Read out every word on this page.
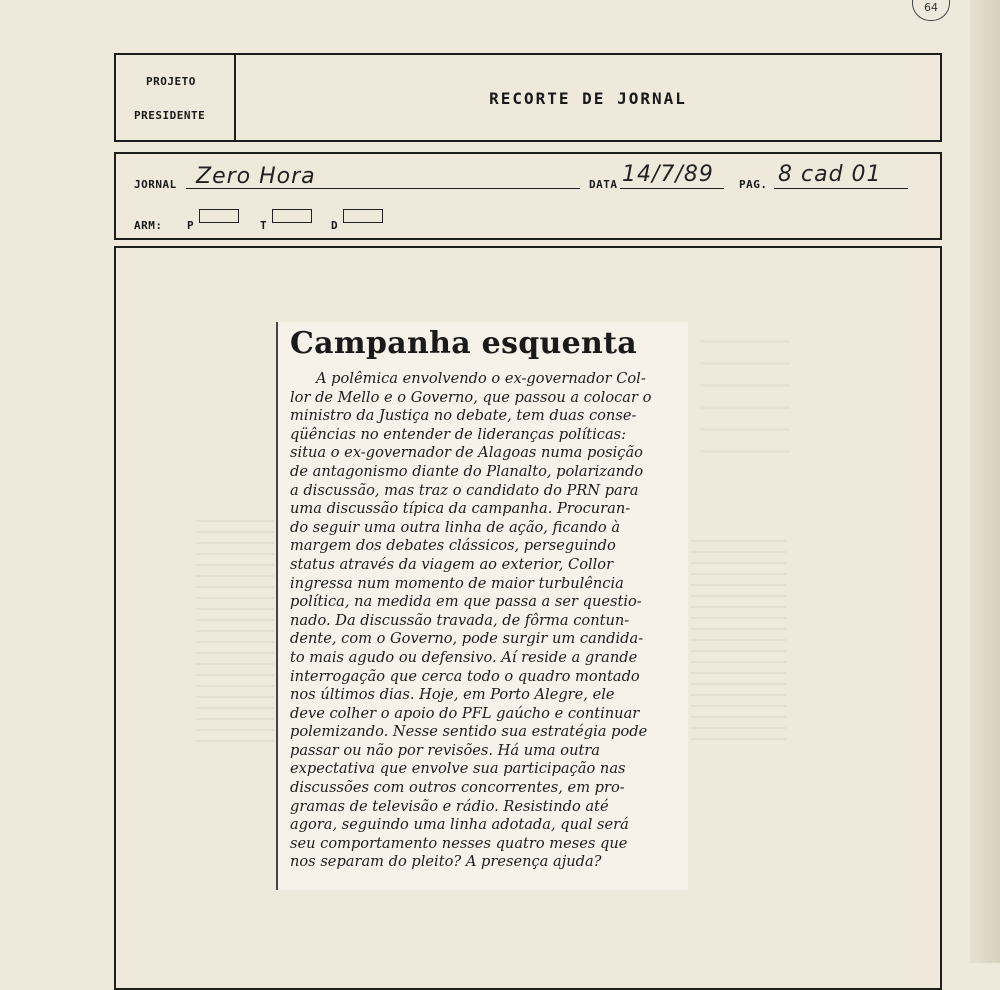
64
PROJETO
PRESIDENTE
RECORTE DE JORNAL
JORNAL Zero Hora	DATA 14/7/89 PAG. 8 cad 01
ARM: P	T	D
Campanha esquenta

A polêmica envolvendo o ex-governador Col-

lor de Mello e o Governo, que passou a colocar o

ministro da Justiça no debate, tem duas conse-

qüências no entender de lideranças políticas:

situa o ex-governador de Alagoas numa posição

de antagonismo diante do Planalto, polarizando

a discussão, mas traz o candidato do PRN para

uma discussão típica da campanha. Procuran-

do seguir uma outra linha de ação, ficando à

margem dos debates clássicos, perseguindo

status através da viagem ao exterior, Collor

ingressa num momento de maior turbulência

política, na medida em que passa a ser questio-

nado. Da discussão travada, de fôrma contun-

dente, com o Governo, pode surgir um candida-

to mais agudo ou defensivo. Aí reside a grande

interrogação que cerca todo o quadro montado

nos últimos dias. Hoje, em Porto Alegre, ele

deve colher o apoio do PFL gaúcho e continuar

polemizando. Nesse sentido sua estratégia pode

passar ou não por revisões. Há uma outra

expectativa que envolve sua participação nas

discussões com outros concorrentes, em pro-

gramas de televisão e rádio. Resistindo até

agora, seguindo uma linha adotada, qual será

seu comportamento nesses quatro meses que

nos separam do pleito? A presença ajuda?
